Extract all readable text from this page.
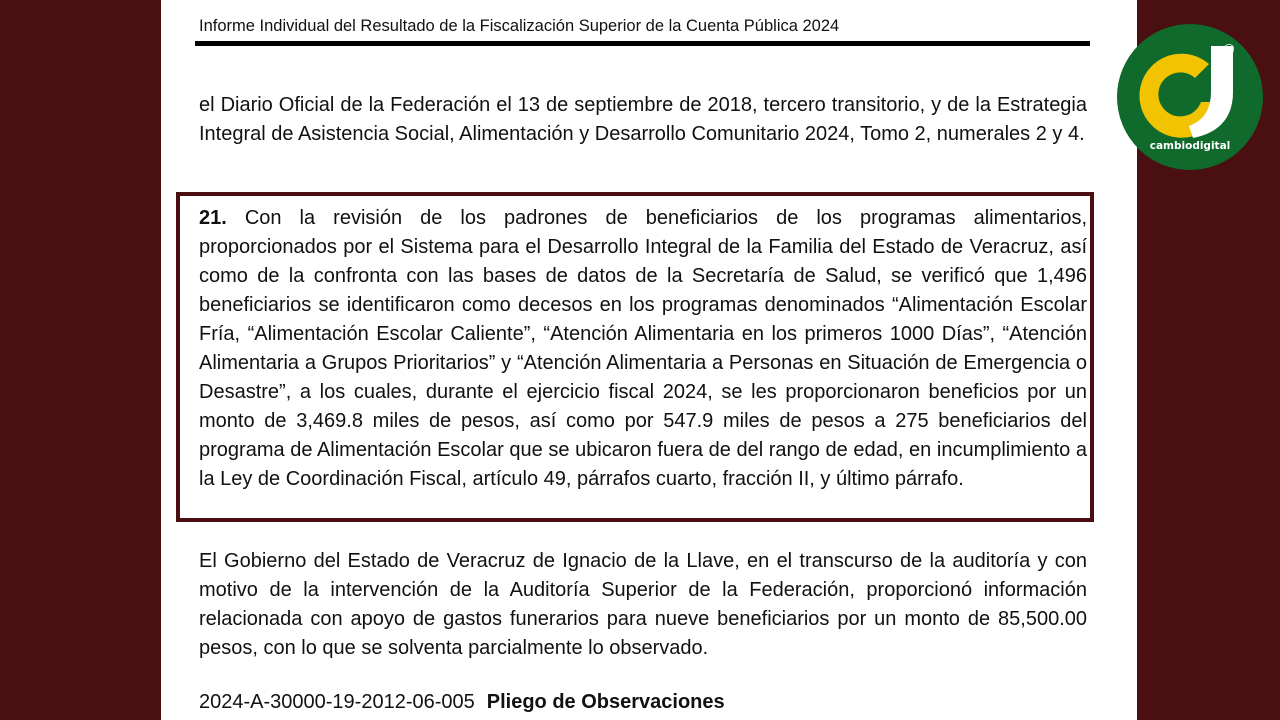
Informe Individual del Resultado de la Fiscalización Superior de la Cuenta Pública 2024
el Diario Oficial de la Federación el 13 de septiembre de 2018, tercero transitorio, y de la Estrategia Integral de Asistencia Social, Alimentación y Desarrollo Comunitario 2024, Tomo 2, numerales 2 y 4.
21. Con la revisión de los padrones de beneficiarios de los programas alimentarios, proporcionados por el Sistema para el Desarrollo Integral de la Familia del Estado de Veracruz, así como de la confronta con las bases de datos de la Secretaría de Salud, se verificó que 1,496 beneficiarios se identificaron como decesos en los programas denominados “Alimentación Escolar Fría, “Alimentación Escolar Caliente”, “Atención Alimentaria en los primeros 1000 Días”, “Atención Alimentaria a Grupos Prioritarios” y “Atención Alimentaria a Personas en Situación de Emergencia o Desastre”, a los cuales, durante el ejercicio fiscal 2024, se les proporcionaron beneficios por un monto de 3,469.8 miles de pesos, así como por 547.9 miles de pesos a 275 beneficiarios del programa de Alimentación Escolar que se ubicaron fuera de del rango de edad, en incumplimiento a la Ley de Coordinación Fiscal, artículo 49, párrafos cuarto, fracción II, y último párrafo.
El Gobierno del Estado de Veracruz de Ignacio de la Llave, en el transcurso de la auditoría y con motivo de la intervención de la Auditoría Superior de la Federación, proporcionó información relacionada con apoyo de gastos funerarios para nueve beneficiarios por un monto de 85,500.00 pesos, con lo que se solventa parcialmente lo observado.
2024-A-30000-19-2012-06-005 Pliego de Observaciones
®
cambiodigital
